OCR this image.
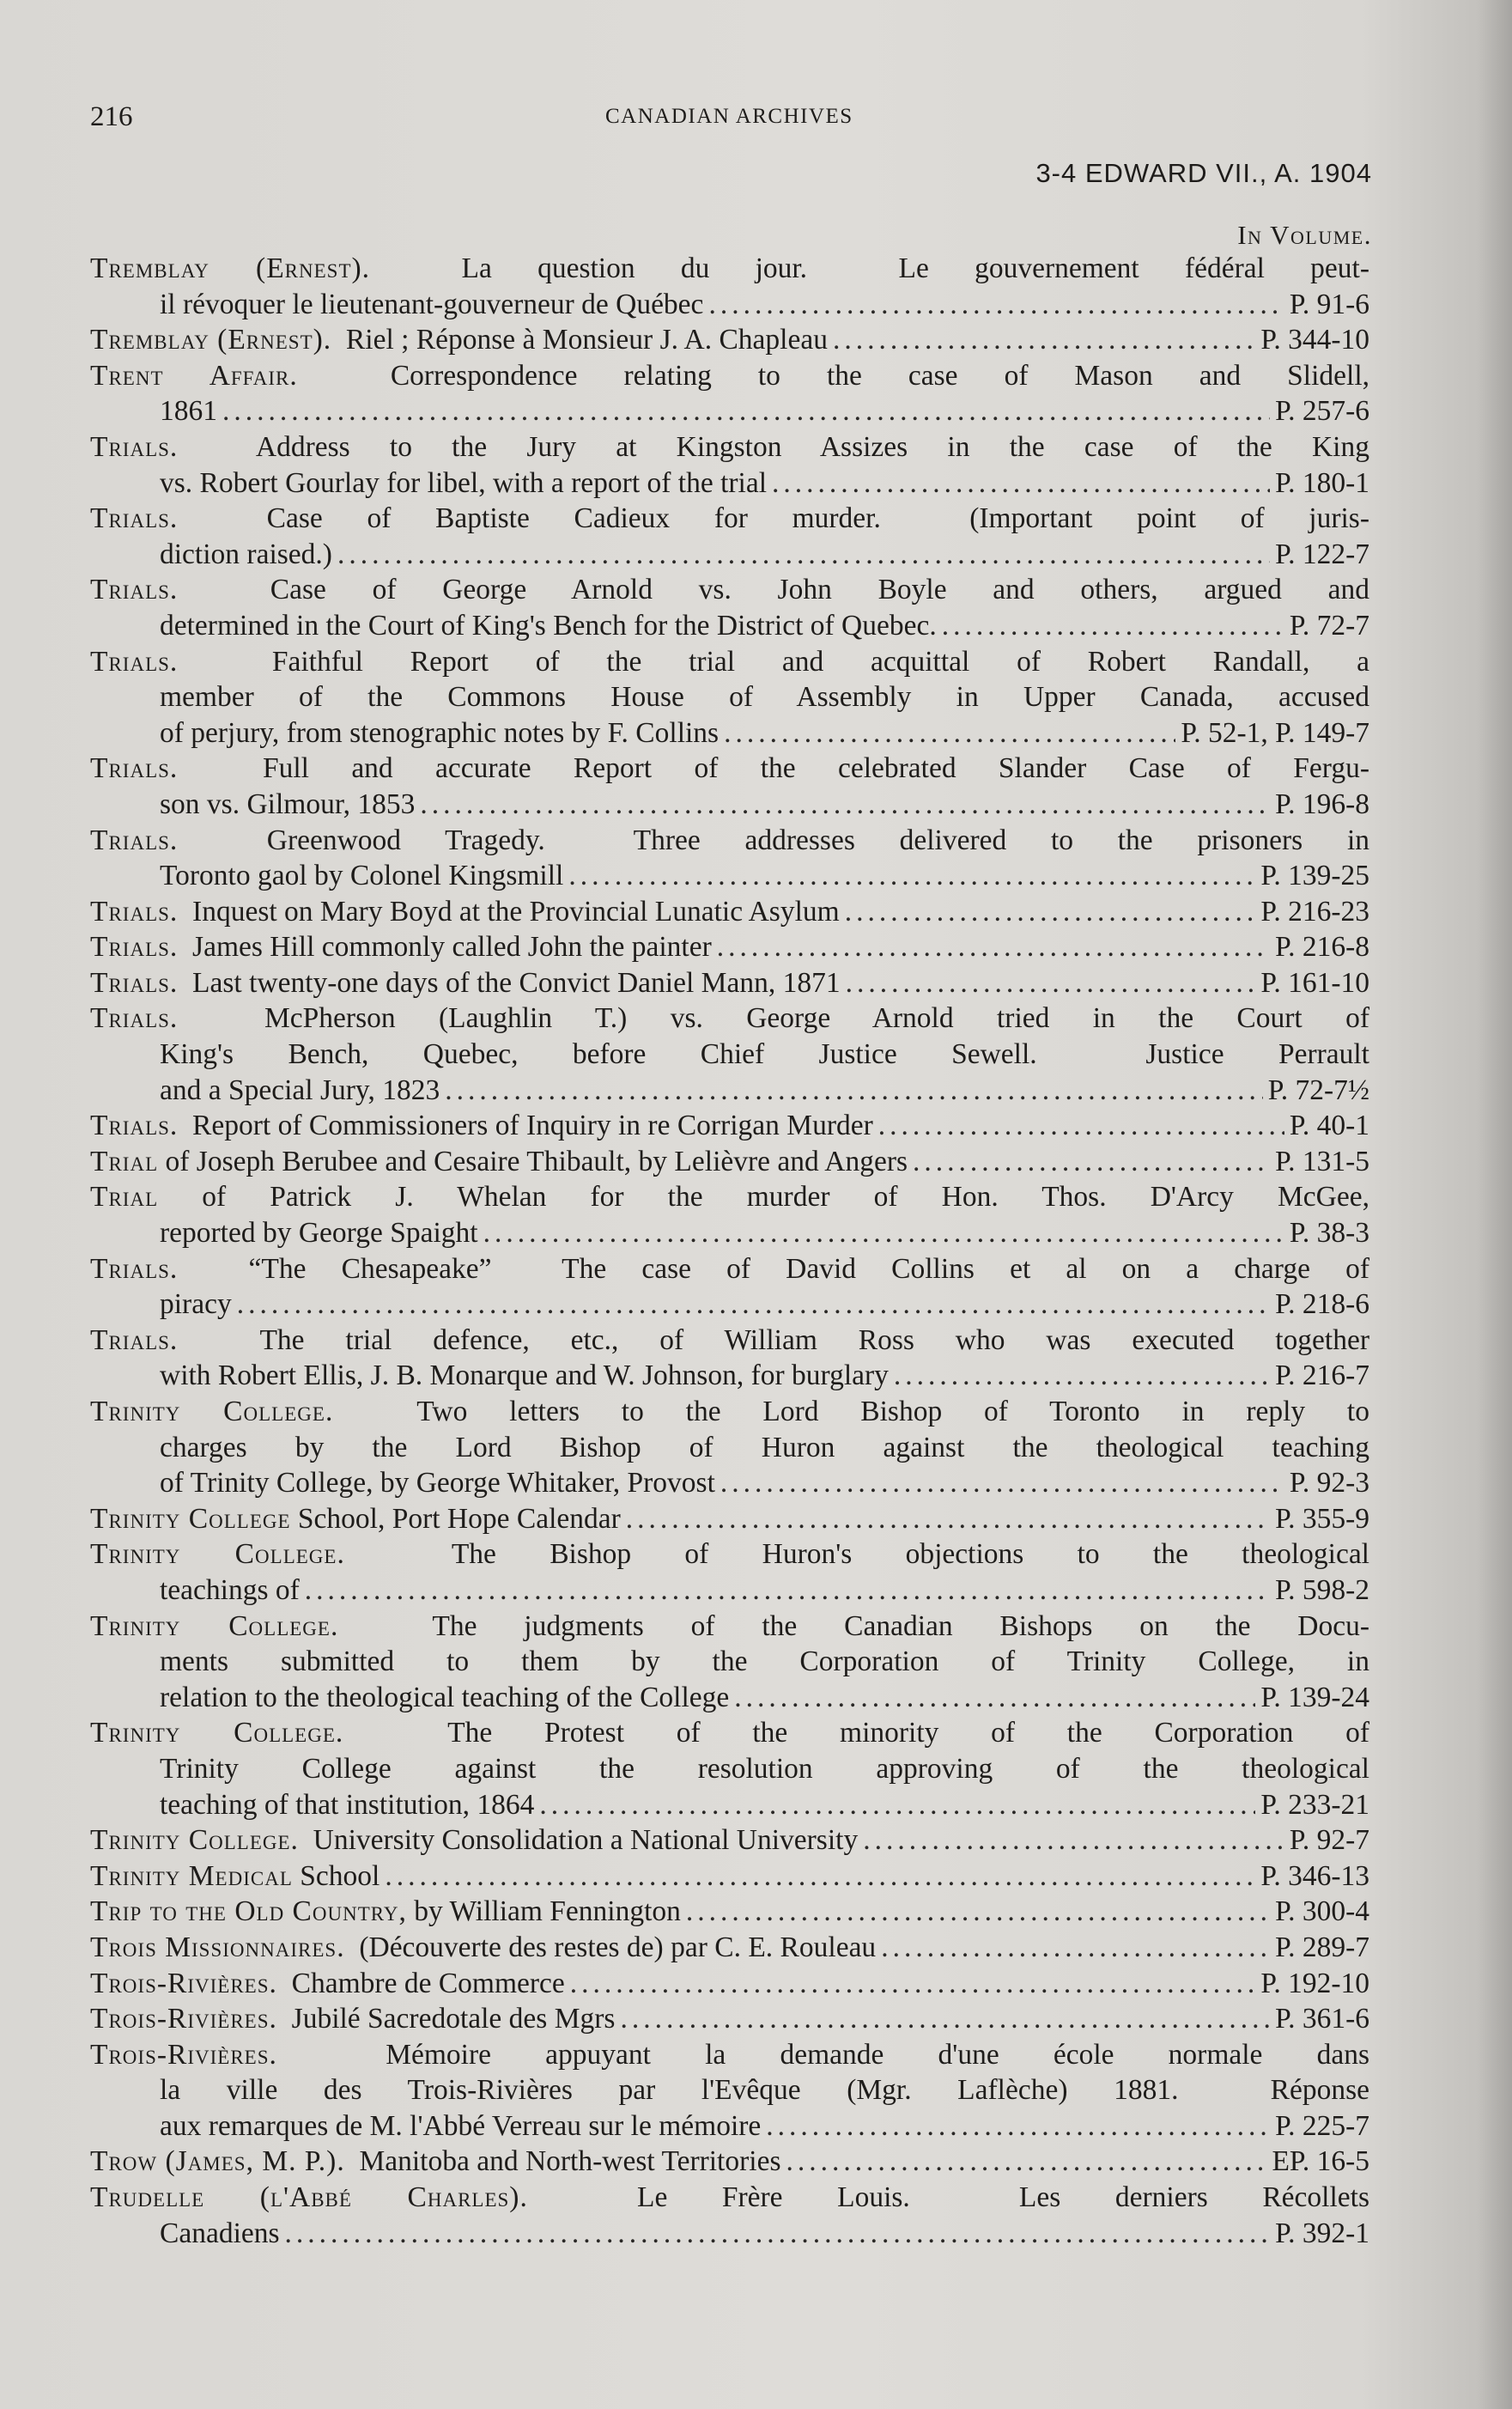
216	CANADIAN ARCHIVES
3-4 EDWARD VII., A. 1904
In Volume.
Tremblay (Ernest).  La question du jour.  Le gouvernement fédéral peut-
il révoquer le lieutenant-gouverneur de Québec .....	P. 91-6
Tremblay (Ernest).  Riel ; Réponse à Monsieur J. A. Chapleau .....	P. 344-10
Trent Affair.  Correspondence relating to the case of Mason and Slidell,
1861 .....	P. 257-6
Trials.  Address to the Jury at Kingston Assizes in the case of the King
vs. Robert Gourlay for libel, with a report of the trial .....	P. 180-1
Trials.  Case of Baptiste Cadieux for murder.  (Important point of juris-
diction raised.) .....	P. 122-7
Trials.  Case of George Arnold vs. John Boyle and others, argued and
determined in the Court of King's Bench for the District of Quebec. .....	P. 72-7
Trials.  Faithful Report of the trial and acquittal of Robert Randall, a
member of the Commons House of Assembly in Upper Canada, accused
of perjury, from stenographic notes by F. Collins .....	P. 52-1, P. 149-7
Trials.  Full and accurate Report of the celebrated Slander Case of Fergu-
son vs. Gilmour, 1853 .....	P. 196-8
Trials.  Greenwood Tragedy.  Three addresses delivered to the prisoners in
Toronto gaol by Colonel Kingsmill .....	P. 139-25
Trials.  Inquest on Mary Boyd at the Provincial Lunatic Asylum .....	P. 216-23
Trials.  James Hill commonly called John the painter .....	P. 216-8
Trials.  Last twenty-one days of the Convict Daniel Mann, 1871 .....	P. 161-10
Trials.  McPherson (Laughlin T.) vs. George Arnold tried in the Court of
King's Bench, Quebec, before Chief Justice Sewell.  Justice Perrault
and a Special Jury, 1823 .....	P. 72-7½
Trials.  Report of Commissioners of Inquiry in re Corrigan Murder .....	P. 40-1
Trial of Joseph Berubee and Cesaire Thibault, by Lelièvre and Angers .....	P. 131-5
Trial of Patrick J. Whelan for the murder of Hon. Thos. D'Arcy McGee,
reported by George Spaight .....	P. 38-3
Trials.  “The Chesapeake”  The case of David Collins et al on a charge of
piracy .....	P. 218-6
Trials.  The trial defence, etc., of William Ross who was executed together
with Robert Ellis, J. B. Monarque and W. Johnson, for burglary .....	P. 216-7
Trinity College.  Two letters to the Lord Bishop of Toronto in reply to
charges by the Lord Bishop of Huron against the theological teaching
of Trinity College, by George Whitaker, Provost .....	P. 92-3
Trinity College School, Port Hope Calendar .....	P. 355-9
Trinity College.  The Bishop of Huron's objections to the theological
teachings of .....	P. 598-2
Trinity College.  The judgments of the Canadian Bishops on the Docu-
ments submitted to them by the Corporation of Trinity College, in
relation to the theological teaching of the College .....	P. 139-24
Trinity College.  The Protest of the minority of the Corporation of
Trinity College against the resolution approving of the theological
teaching of that institution, 1864 .....	P. 233-21
Trinity College.  University Consolidation a National University .....	P. 92-7
Trinity Medical School .....	P. 346-13
Trip to the Old Country, by William Fennington .....	P. 300-4
Trois Missionnaires.  (Découverte des restes de) par C. E. Rouleau .....	P. 289-7
Trois-Rivières.  Chambre de Commerce .....	P. 192-10
Trois-Rivières.  Jubilé Sacredotale des Mgrs .....	P. 361-6
Trois-Rivières.  Mémoire appuyant la demande d'une école normale dans
la ville des Trois-Rivières par l'Evêque (Mgr. Laflèche) 1881.  Réponse
aux remarques de M. l'Abbé Verreau sur le mémoire .....	P. 225-7
Trow (James, M. P.).  Manitoba and North-west Territories .....	EP. 16-5
Trudelle (l'Abbé Charles).  Le Frère Louis.  Les derniers Récollets
Canadiens .....	P. 392-1
